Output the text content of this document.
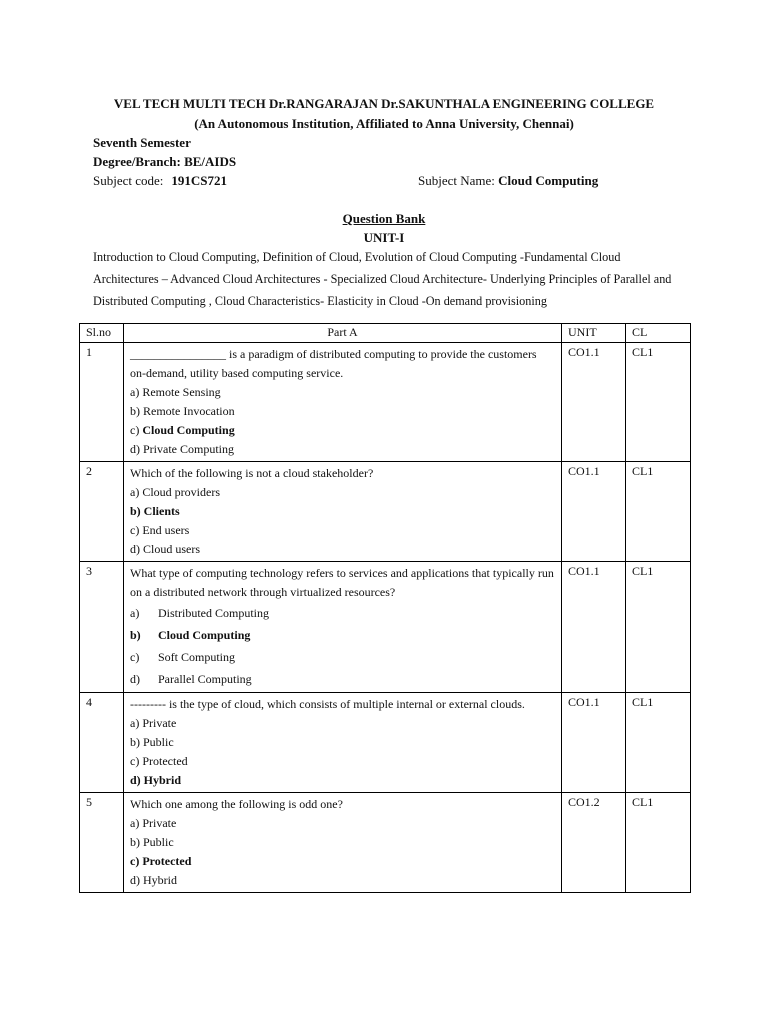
VEL TECH MULTI TECH Dr.RANGARAJAN Dr.SAKUNTHALA ENGINEERING COLLEGE
(An Autonomous Institution, Affiliated to Anna University, Chennai)
Seventh Semester
Degree/Branch: BE/AIDS
Subject code: 191CS721	Subject Name: Cloud Computing
Question Bank
UNIT-I
Introduction to Cloud Computing, Definition of Cloud, Evolution of Cloud Computing -Fundamental Cloud Architectures – Advanced Cloud Architectures - Specialized Cloud Architecture- Underlying Principles of Parallel and Distributed Computing , Cloud Characteristics- Elasticity in Cloud -On demand provisioning
Sl.no	Part A	UNIT	CL
1	________________ is a paradigm of distributed computing to provide the customers on-demand, utility based computing service.
a) Remote Sensing
b) Remote Invocation
c) Cloud Computing
d) Private Computing	CO1.1	CL1
2	Which of the following is not a cloud stakeholder?
a) Cloud providers
b) Clients
c) End users
d) Cloud users	CO1.1	CL1
3	What type of computing technology refers to services and applications that typically run on a distributed network through virtualized resources?
a) Distributed Computing
b) Cloud Computing
c) Soft Computing
d) Parallel Computing	CO1.1	CL1
4	--------- is the type of cloud, which consists of multiple internal or external clouds.
a) Private
b) Public
c) Protected
d) Hybrid	CO1.1	CL1
5	Which one among the following is odd one?
a) Private
b) Public
c) Protected
d) Hybrid	CO1.2	CL1
